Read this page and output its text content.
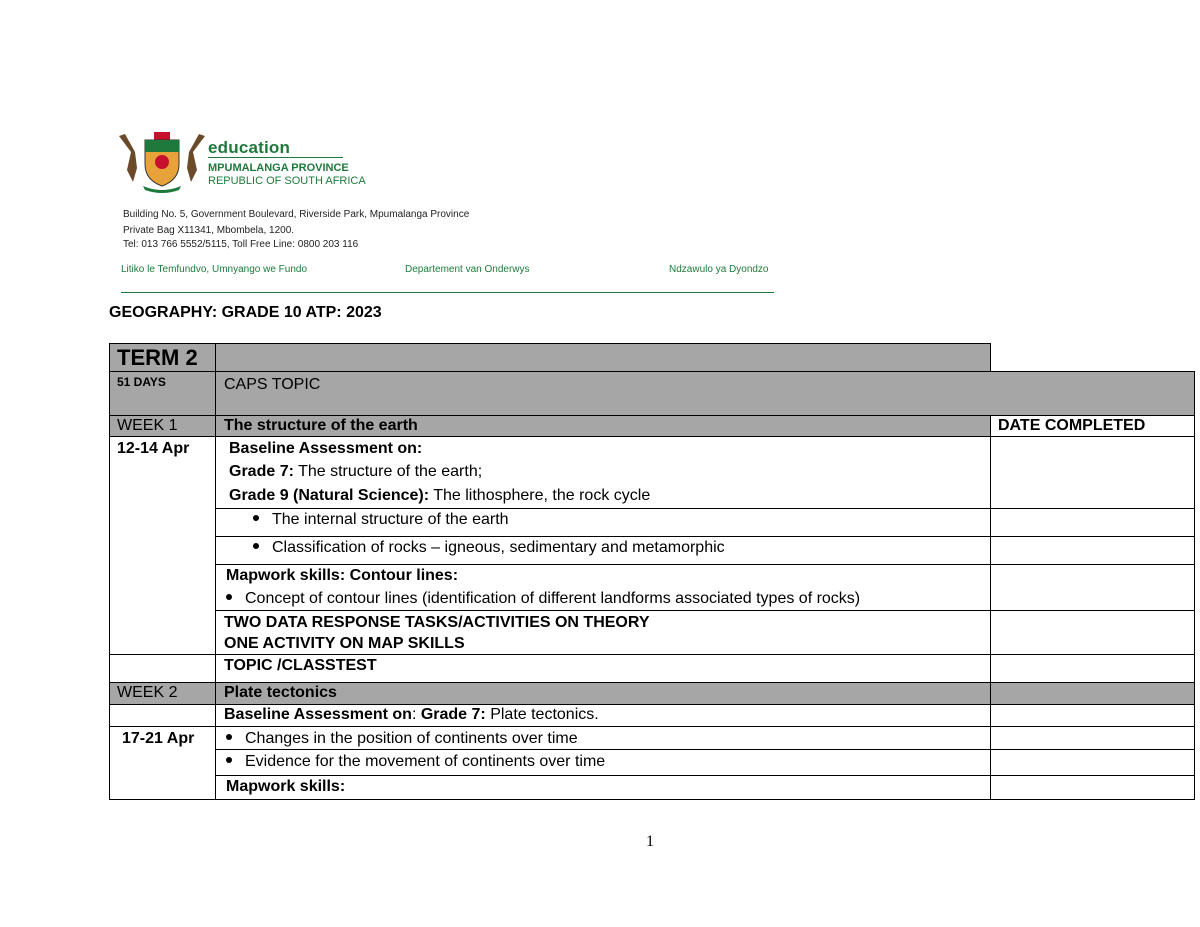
education
MPUMALANGA PROVINCE
REPUBLIC OF SOUTH AFRICA
Building No. 5, Government Boulevard, Riverside Park, Mpumalanga Province
Private Bag X11341, Mbombela, 1200.
Tel: 013 766 5552/5115, Toll Free Line: 0800 203 116
Litiko le Temfundvo, Umnyango we Fundo	Departement van Onderwys	Ndzawulo ya Dyondzo
GEOGRAPHY: GRADE 10 ATP: 2023
TERM 2
51 DAYS	CAPS TOPIC
WEEK 1	The structure of the earth	DATE COMPLETED
12-14 Apr Baseline Assessment on:
Grade 7: The structure of the earth;
Grade 9 (Natural Science): The lithosphere, the rock cycle
The internal structure of the earth
Classification of rocks – igneous, sedimentary and metamorphic
Mapwork skills: Contour lines:
Concept of contour lines (identification of different landforms associated types of rocks)
TWO DATA RESPONSE TASKS/ACTIVITIES ON THEORY
ONE ACTIVITY ON MAP SKILLS
TOPIC /CLASSTEST
WEEK 2	Plate tectonics
Baseline Assessment on: Grade 7: Plate tectonics.
17-21 Apr	Changes in the position of continents over time
Evidence for the movement of continents over time
Mapwork skills:
1
